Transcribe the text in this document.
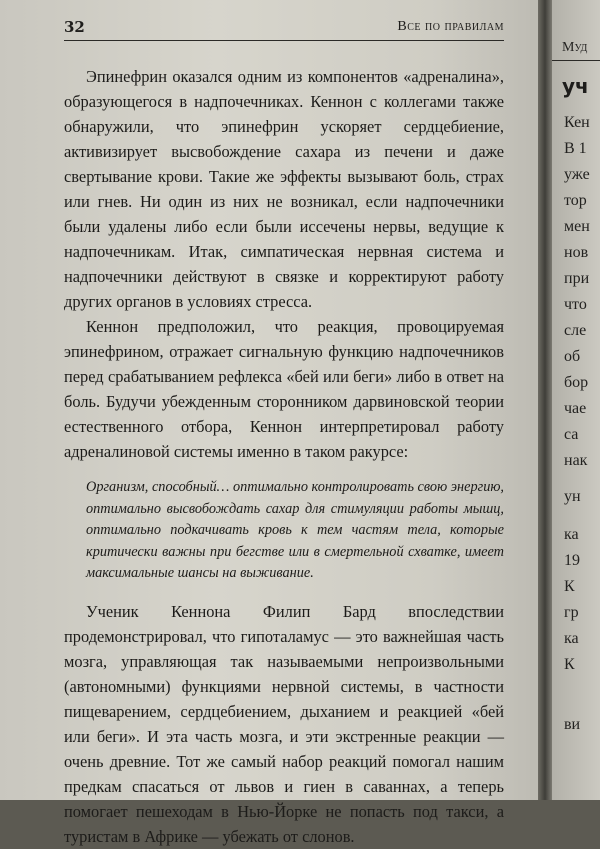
32	Все по правилам

Эпинефрин оказался одним из компонентов «адреналина», образующегося в надпочечниках. Кеннон с коллегами также обнаружили, что эпинефрин ускоряет сердцебиение, активизирует высвобождение сахара из печени и даже свертывание крови. Такие же эффекты вызывают боль, страх или гнев. Ни один из них не возникал, если надпочечники были удалены либо если были иссечены нервы, ведущие к надпочечникам. Итак, симпатическая нервная система и надпочечники действуют в связке и корректируют работу других органов в условиях стресса.

Кеннон предположил, что реакция, провоцируемая эпинефрином, отражает сигнальную функцию надпочечников перед срабатыванием рефлекса «бей или беги» либо в ответ на боль. Будучи убежденным сторонником дарвиновской теории естественного отбора, Кеннон интерпретировал работу адреналиновой системы именно в таком ракурсе:

Организм, способный… оптимально контролировать свою энергию, оптимально высвобождать сахар для стимуляции работы мышц, оптимально подкачивать кровь к тем частям тела, которые критически важны при бегстве или в смертельной схватке, имеет максимальные шансы на выживание.

Ученик Кеннона Филип Бард впоследствии продемонстрировал, что гипоталамус — это важнейшая часть мозга, управляющая так называемыми непроизвольными (автономными) функциями нервной системы, в частности пищеварением, сердцебиением, дыханием и реакцией «бей или беги». И эта часть мозга, и эти экстренные реакции — очень древние. Тот же самый набор реакций помогал нашим предкам спасаться от львов и гиен в саваннах, а теперь помогает пешеходам в Нью-Йорке не попасть под такси, а туристам в Африке — убежать от слонов.

Муд
уч
Кен
В 1
уже
тор
мен
нов
при
что
сле
об
бор
чае
са
нак
ун
ка
19
К
гр
ка
К
ви
